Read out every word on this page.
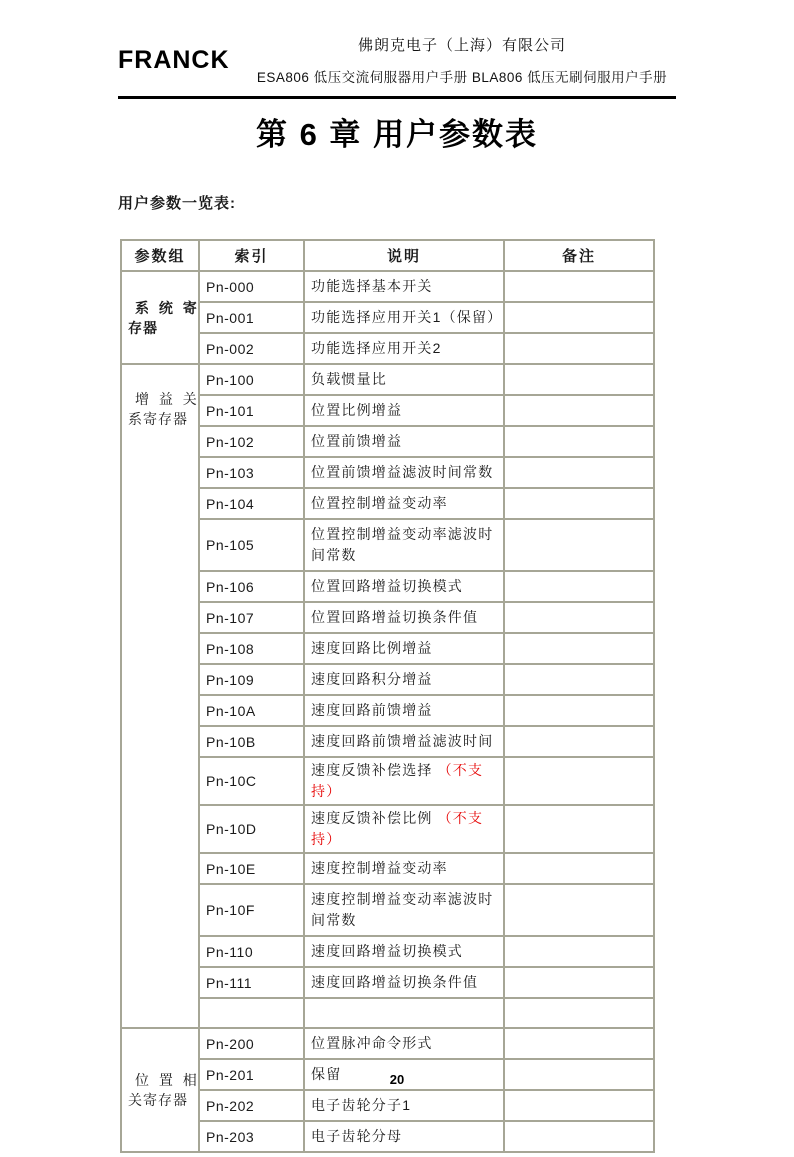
FRANCK	佛朗克电子（上海）有限公司
ESA806 低压交流伺服器用户手册 BLA806 低压无刷伺服用户手册
第 6 章 用户参数表
用户参数一览表:
参数组	索引	说明	备注

系 统 寄
存器	Pn-000	功能选择基本开关	
	Pn-001	功能选择应用开关1（保留）	
	Pn-002	功能选择应用开关2	

增 益 关
系寄存器	Pn-100	负载惯量比	
	Pn-101	位置比例增益	
	Pn-102	位置前馈增益	
	Pn-103	位置前馈增益滤波时间常数	
	Pn-104	位置控制增益变动率	
	Pn-105	位置控制增益变动率滤波时间常数	
	Pn-106	位置回路增益切换模式	
	Pn-107	位置回路增益切换条件值	
	Pn-108	速度回路比例增益	
	Pn-109	速度回路积分增益	
	Pn-10A	速度回路前馈增益	
	Pn-10B	速度回路前馈增益滤波时间	
	Pn-10C	速度反馈补偿选择 （不支持）	
	Pn-10D	速度反馈补偿比例 （不支持）	
	Pn-10E	速度控制增益变动率	
	Pn-10F	速度控制增益变动率滤波时间常数	
	Pn-110	速度回路增益切换模式	
	Pn-111	速度回路增益切换条件值	

位 置 相
关寄存器	Pn-200	位置脉冲命令形式	
	Pn-201	保留	
	Pn-202	电子齿轮分子1	
	Pn-203	电子齿轮分母	
20
